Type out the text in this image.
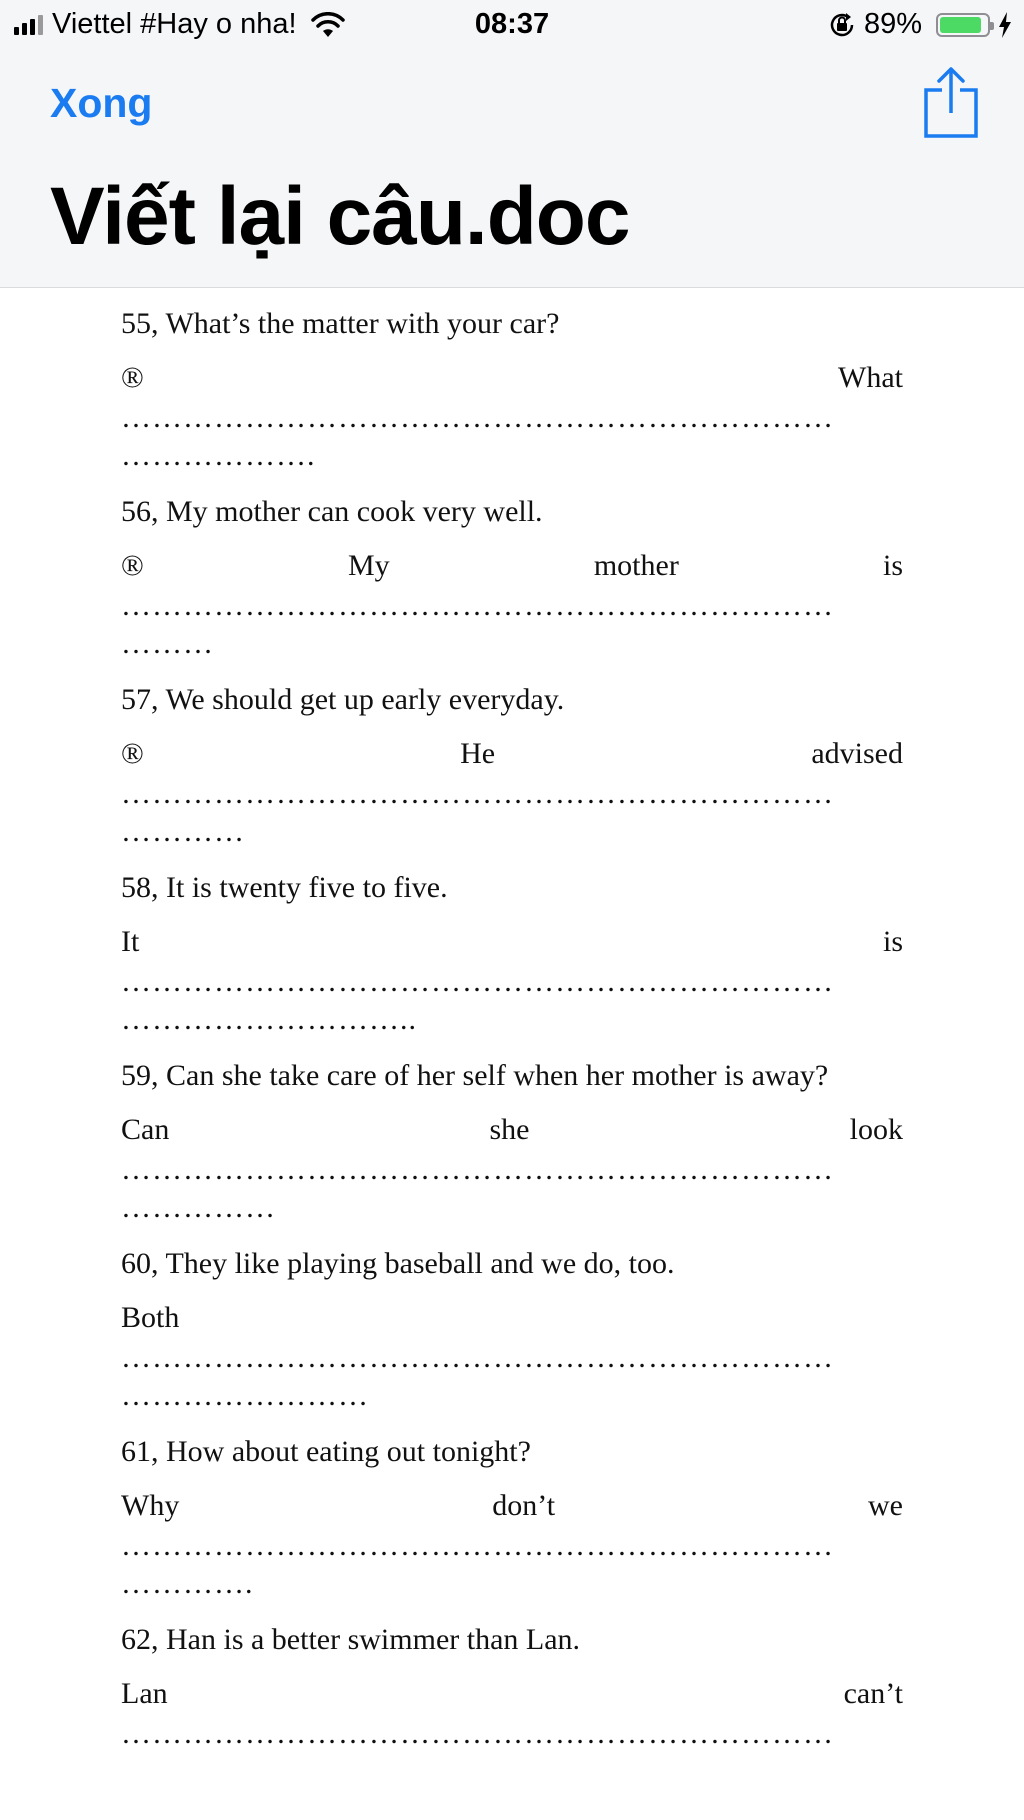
Viettel #Hay o nha!	08:37	89%
Xong
Viết lại câu.doc
55, What’s the matter with your car?
®	What
……………………………………………………………
……………….
56, My mother can cook very well.
®	My	mother	is
……………………………………………………………
………
57, We should get up early everyday.
®	He	advised
……………………………………………………………
…………
58, It is twenty five to five.
It	is
……………………………………………………………
………………………..
59, Can she take care of her self when her mother is away?
Can	she	look
……………………………………………………………
……………
60, They like playing baseball and we do, too.
Both
……………………………………………………………
……………………
61, How about eating out tonight?
Why	don’t	we
……………………………………………………………
………….
62, Han is a better swimmer than Lan.
Lan	can’t
……………………………………………………………
